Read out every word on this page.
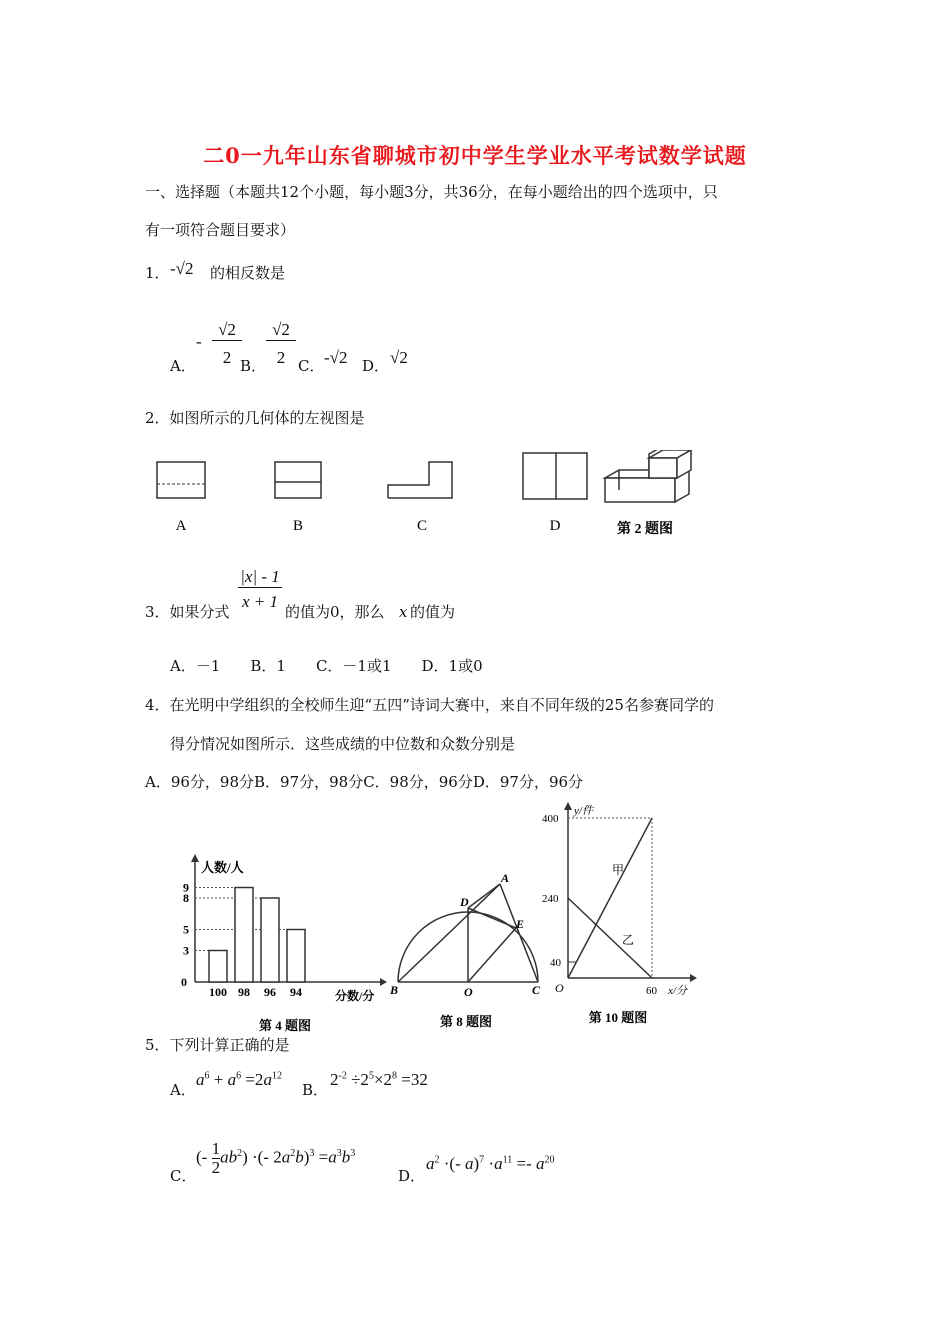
二0一九年山东省聊城市初中学生学业水平考试数学试题
一、选择题（本题共12个小题，每小题3分，共36分，在每小题给出的四个选项中，只
有一项符合题目要求）
1． -√2 的相反数是
A．
-
√2
2 B．
√2
2 C． -√2 D． √2
2．如图所示的几何体的左视图是
A	B	C	D	第 2 题图
|x| - 1
x + 1
3．如果分式	的值为0，那么 x 的值为
A．－1　　B．1　　C．－1或1　　D．1或0
4．在光明中学组织的全校师生迎“五四”诗词大赛中，来自不同年级的25名参赛同学的
得分情况如图所示．这些成绩的中位数和众数分别是
A．96分，98分B．97分，98分C．98分，96分D．97分，96分
人数/人
分数/分
0
3
5
8
9
100 98 96 94
第 4 题图
A
B	C
D
E
O
第 8 题图
y/件
x/分
O
400
240
40
60
甲
乙
第 10 题图
5．下列计算正确的是
A．
$a^6 + a^6 =2a^{12}$
B．
$2^{-2} \div 2^5\times 2^8 =32$
C．
(- $\frac{1}{2} ab^2$) ·(- $2a^2b)^3 =a^3b^3$
D．
$a^2$ ·(- $a)^7 \cdot a^{11} =- a^{20}$
